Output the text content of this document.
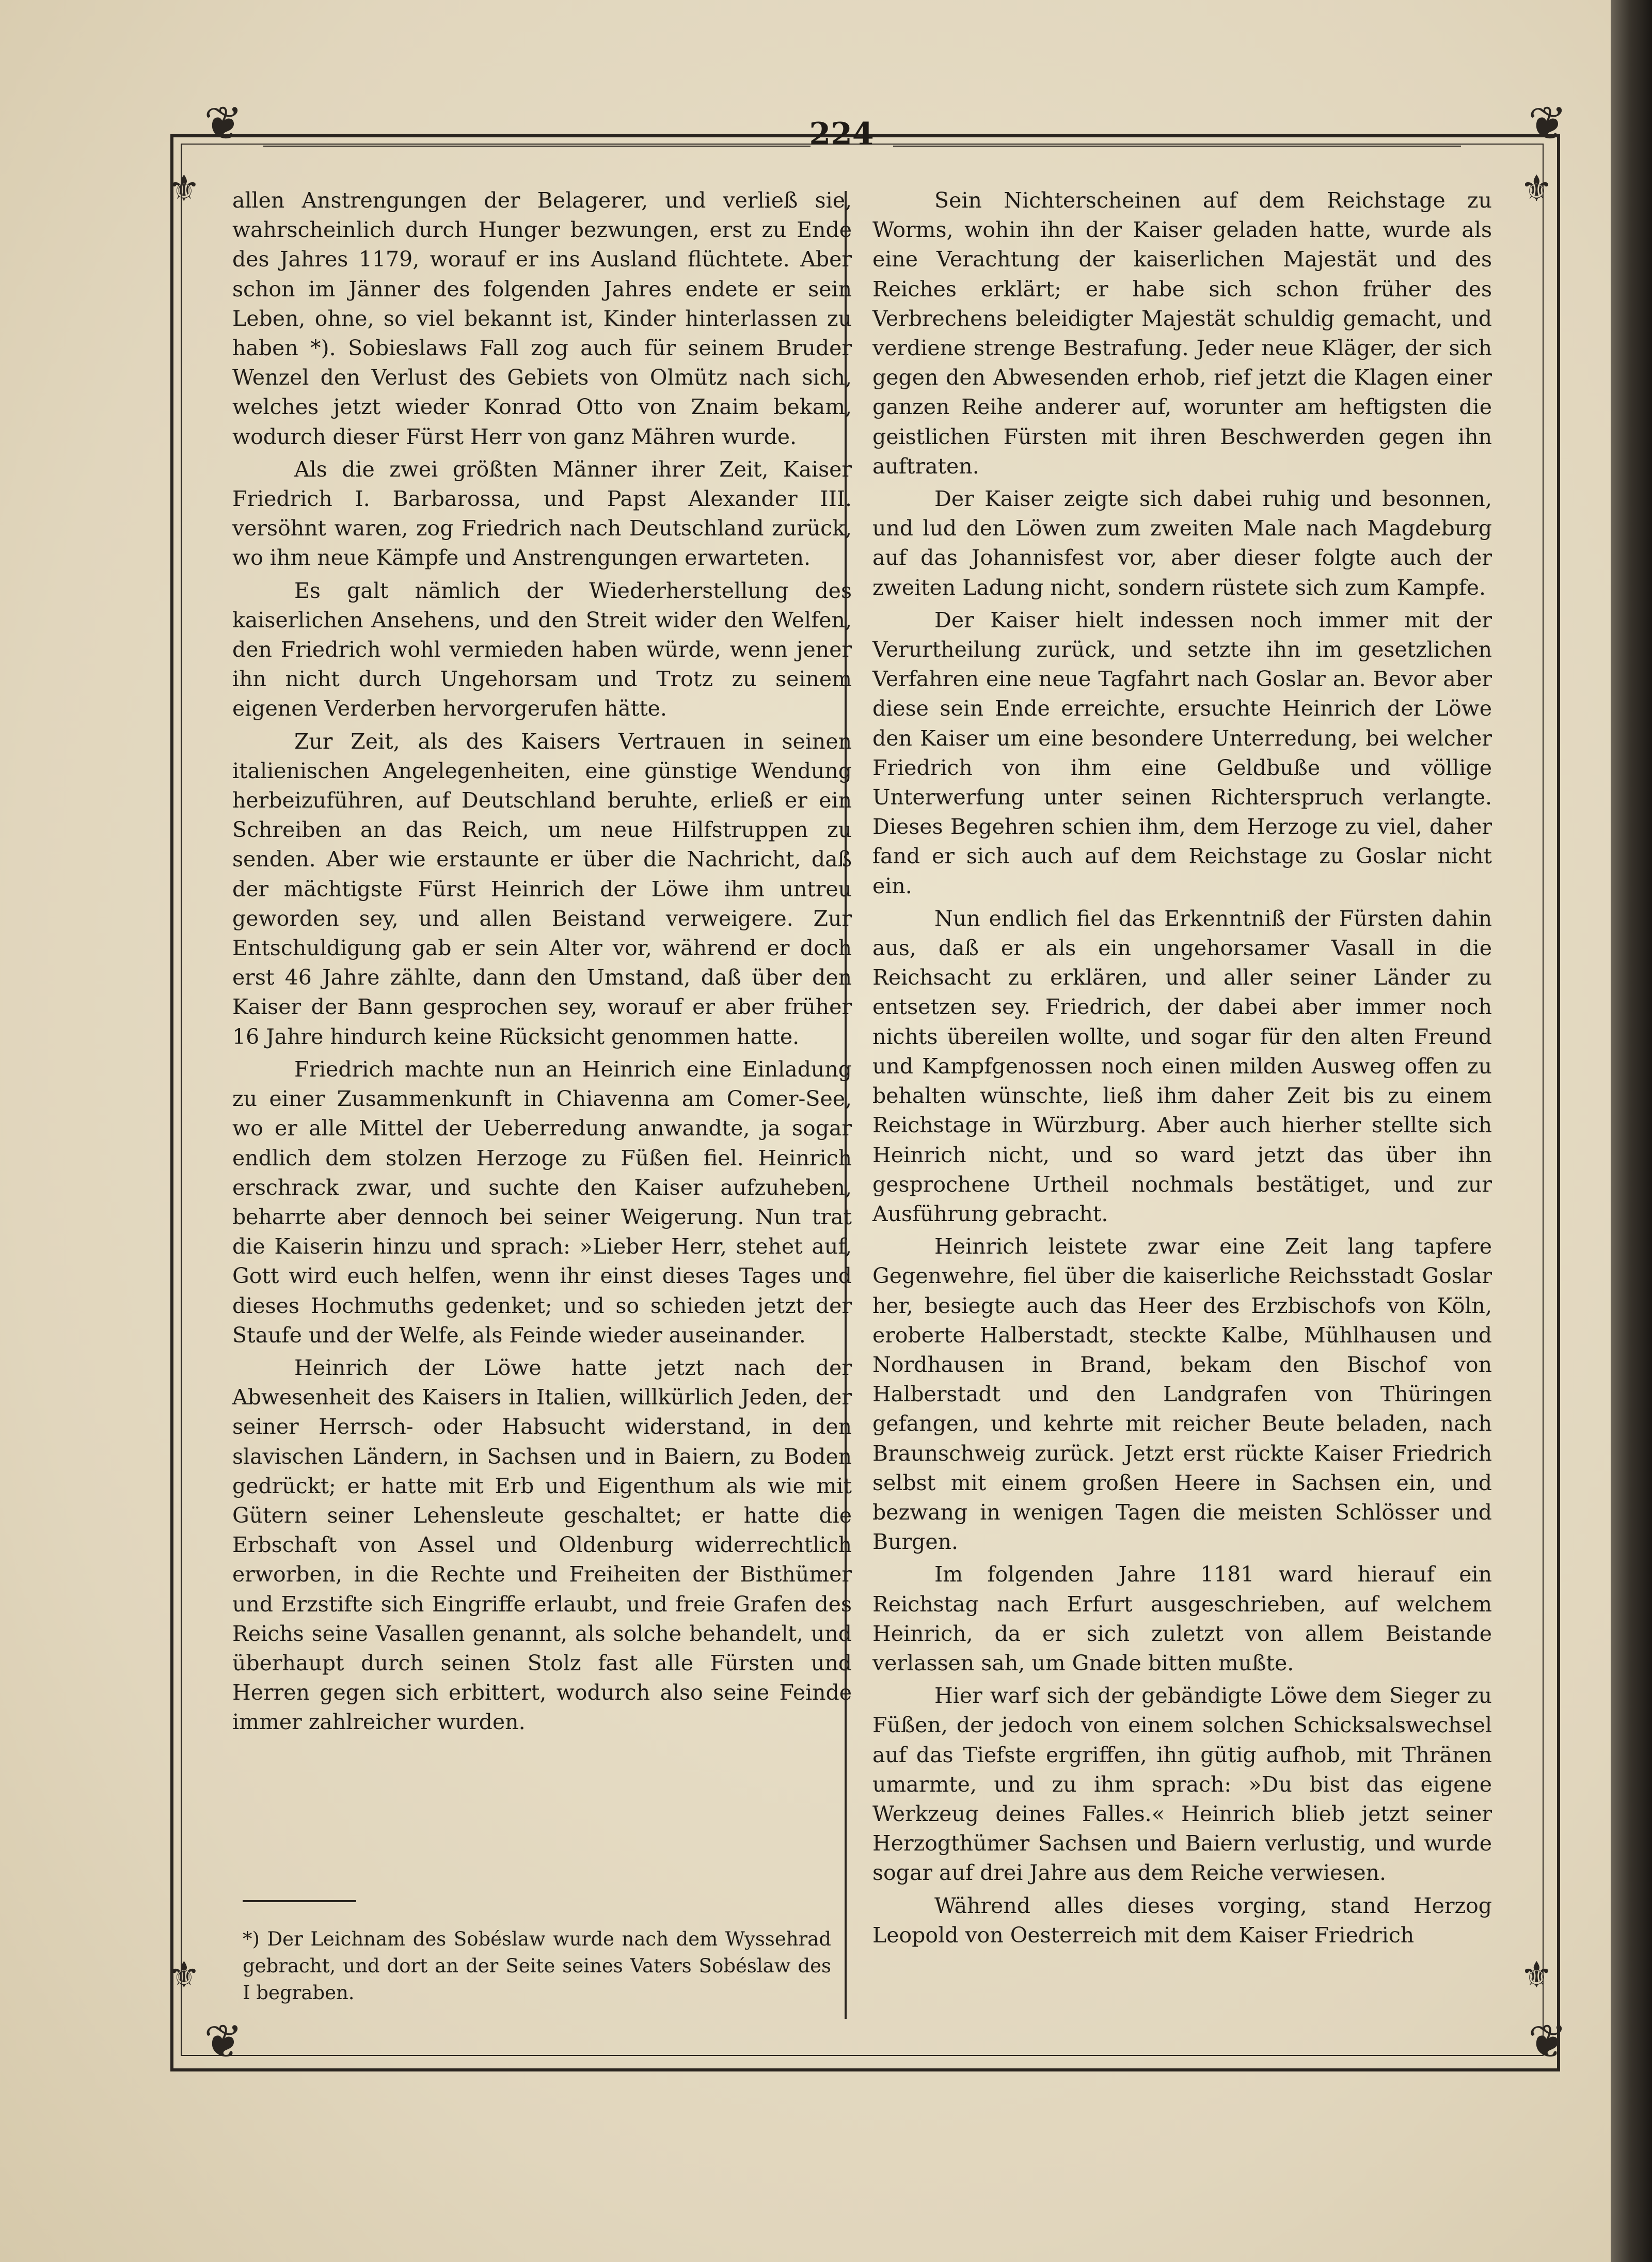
❦	❦
❦	❦
⚜	⚜
⚜	⚜
224

allen Anstrengungen der Belagerer, und verließ sie, wahrscheinlich durch Hunger bezwungen, erst zu Ende des Jahres 1179, worauf er ins Ausland flüchtete. Aber schon im Jänner des folgenden Jahres endete er sein Leben, ohne, so viel bekannt ist, Kinder hinterlassen zu haben *). Sobieslaws Fall zog auch für seinem Bruder Wenzel den Verlust des Gebiets von Olmütz nach sich, welches jetzt wieder Konrad Otto von Znaim bekam, wodurch dieser Fürst Herr von ganz Mähren wurde.

Als die zwei größten Männer ihrer Zeit, Kaiser Friedrich I. Barbarossa, und Papst Alexander III. versöhnt waren, zog Friedrich nach Deutschland zurück, wo ihm neue Kämpfe und Anstrengungen erwarteten.

Es galt nämlich der Wiederherstellung des kaiserlichen Ansehens, und den Streit wider den Welfen, den Friedrich wohl vermieden haben würde, wenn jener ihn nicht durch Ungehorsam und Trotz zu seinem eigenen Verderben hervorgerufen hätte.

Zur Zeit, als des Kaisers Vertrauen in seinen italienischen Angelegenheiten, eine günstige Wendung herbeizuführen, auf Deutschland beruhte, erließ er ein Schreiben an das Reich, um neue Hilfstruppen zu senden. Aber wie erstaunte er über die Nachricht, daß der mächtigste Fürst Heinrich der Löwe ihm untreu geworden sey, und allen Beistand verweigere. Zur Entschuldigung gab er sein Alter vor, während er doch erst 46 Jahre zählte, dann den Umstand, daß über den Kaiser der Bann gesprochen sey, worauf er aber früher 16 Jahre hindurch keine Rücksicht genommen hatte.

Friedrich machte nun an Heinrich eine Einladung zu einer Zusammenkunft in Chiavenna am Comer-See, wo er alle Mittel der Ueberredung anwandte, ja sogar endlich dem stolzen Herzoge zu Füßen fiel. Heinrich erschrack zwar, und suchte den Kaiser aufzuheben, beharrte aber dennoch bei seiner Weigerung. Nun trat die Kaiserin hinzu und sprach: »Lieber Herr, stehet auf, Gott wird euch helfen, wenn ihr einst dieses Tages und dieses Hochmuths gedenket; und so schieden jetzt der Staufe und der Welfe, als Feinde wieder auseinander.

Heinrich der Löwe hatte jetzt nach der Abwesenheit des Kaisers in Italien, willkürlich Jeden, der seiner Herrsch- oder Habsucht widerstand, in den slavischen Ländern, in Sachsen und in Baiern, zu Boden gedrückt; er hatte mit Erb und Eigenthum als wie mit Gütern seiner Lehensleute geschaltet; er hatte die Erbschaft von Assel und Oldenburg widerrechtlich erworben, in die Rechte und Freiheiten der Bisthümer und Erzstifte sich Eingriffe erlaubt, und freie Grafen des Reichs seine Vasallen genannt, als solche behandelt, und überhaupt durch seinen Stolz fast alle Fürsten und Herren gegen sich erbittert, wodurch also seine Feinde immer zahlreicher wurden.

Sein Nichterscheinen auf dem Reichstage zu Worms, wohin ihn der Kaiser geladen hatte, wurde als eine Verachtung der kaiserlichen Majestät und des Reiches erklärt; er habe sich schon früher des Verbrechens beleidigter Majestät schuldig gemacht, und verdiene strenge Bestrafung. Jeder neue Kläger, der sich gegen den Abwesenden erhob, rief jetzt die Klagen einer ganzen Reihe anderer auf, worunter am heftigsten die geistlichen Fürsten mit ihren Beschwerden gegen ihn auftraten.

Der Kaiser zeigte sich dabei ruhig und besonnen, und lud den Löwen zum zweiten Male nach Magdeburg auf das Johannisfest vor, aber dieser folgte auch der zweiten Ladung nicht, sondern rüstete sich zum Kampfe.

Der Kaiser hielt indessen noch immer mit der Verurtheilung zurück, und setzte ihn im gesetzlichen Verfahren eine neue Tagfahrt nach Goslar an. Bevor aber diese sein Ende erreichte, ersuchte Heinrich der Löwe den Kaiser um eine besondere Unterredung, bei welcher Friedrich von ihm eine Geldbuße und völlige Unterwerfung unter seinen Richterspruch verlangte. Dieses Begehren schien ihm, dem Herzoge zu viel, daher fand er sich auch auf dem Reichstage zu Goslar nicht ein.

Nun endlich fiel das Erkenntniß der Fürsten dahin aus, daß er als ein ungehorsamer Vasall in die Reichsacht zu erklären, und aller seiner Länder zu entsetzen sey. Friedrich, der dabei aber immer noch nichts übereilen wollte, und sogar für den alten Freund und Kampfgenossen noch einen milden Ausweg offen zu behalten wünschte, ließ ihm daher Zeit bis zu einem Reichstage in Würzburg. Aber auch hierher stellte sich Heinrich nicht, und so ward jetzt das über ihn gesprochene Urtheil nochmals bestätiget, und zur Ausführung gebracht.

Heinrich leistete zwar eine Zeit lang tapfere Gegenwehre, fiel über die kaiserliche Reichsstadt Goslar her, besiegte auch das Heer des Erzbischofs von Köln, eroberte Halberstadt, steckte Kalbe, Mühlhausen und Nordhausen in Brand, bekam den Bischof von Halberstadt und den Landgrafen von Thüringen gefangen, und kehrte mit reicher Beute beladen, nach Braunschweig zurück. Jetzt erst rückte Kaiser Friedrich selbst mit einem großen Heere in Sachsen ein, und bezwang in wenigen Tagen die meisten Schlösser und Burgen.

Im folgenden Jahre 1181 ward hierauf ein Reichstag nach Erfurt ausgeschrieben, auf welchem Heinrich, da er sich zuletzt von allem Beistande verlassen sah, um Gnade bitten mußte.

Hier warf sich der gebändigte Löwe dem Sieger zu Füßen, der jedoch von einem solchen Schicksalswechsel auf das Tiefste ergriffen, ihn gütig aufhob, mit Thränen umarmte, und zu ihm sprach: »Du bist das eigene Werkzeug deines Falles.« Heinrich blieb jetzt seiner Herzogthümer Sachsen und Baiern verlustig, und wurde sogar auf drei Jahre aus dem Reiche verwiesen.

Während alles dieses vorging, stand Herzog Leopold von Oesterreich mit dem Kaiser Friedrich

*) Der Leichnam des Sobéslaw wurde nach dem Wyssehrad gebracht, und dort an der Seite seines Vaters Sobéslaw des I begraben.
